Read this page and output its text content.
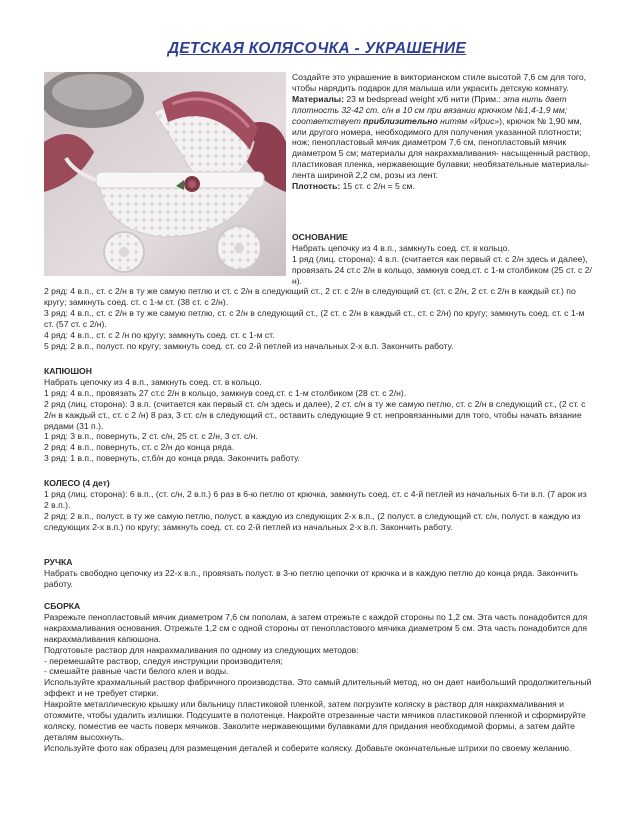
ДЕТСКАЯ КОЛЯСОЧКА - УКРАШЕНИЕ

Создайте это украшение в викторианском стиле высотой 7,6 см для того, чтобы нарядить подарок для малыша или украсить детскую комнату.

Материалы: 23 м bedspread weight х/б нити (Прим.: эта нить дает плотность 32-42 ст. с/н в 10 см при вязании крючком №1,4-1,9 мм; соответствует приблизительно нитям «Ирис»), крючок № 1,90 мм, или другого номера, необходимого для получения указанной плотности; нож; пенопластовый мячик диаметром 7,6 см, пенопластовый мячик диаметром 5 см; материалы для накрахмаливания- насыщенный раствор, пластиковая пленка, нержавеющие булавки; необязательные материалы- лента шириной 2,2 см, розы из лент.

Плотность: 15 ст. с 2/н = 5 см.

ОСНОВАНИЕ

Набрать цепочку из 4 в.п., замкнуть соед. ст. в кольцо.

1 ряд (лиц. сторона): 4 в.п. (считается как первый ст. с 2/н здесь и далее), провязать 24 ст.с 2/н в кольцо, замкнув соед.ст. с 1-м столбиком (25 ст. с 2/н).

2 ряд: 4 в.п., ст. с 2/н в ту же самую петлю и ст. с 2/н в следующий ст., 2 ст. с 2/н в следующий ст. (ст. с 2/н, 2 ст. с 2/н в каждый ст.) по кругу; замкнуть соед. ст. с 1-м ст. (38 ст. с 2/н).

3 ряд: 4 в.п., ст. с 2/н в ту же самую петлю, ст. с 2/н в следующий ст., (2 ст. с 2/н в каждый ст., ст. с 2/н) по кругу; замкнуть соед. ст. с 1-м ст. (57 ст. с 2/н).

4 ряд: 4 в.п., ст. с 2 /н по кругу; замкнуть соед. ст. с 1-м ст.

5 ряд: 2 в.п., полуст. по кругу; замкнуть соед. ст. со 2-й петлей из начальных 2-х в.п. Закончить работу.

КАПЮШОН

Набрать цепочку из 4 в.п., замкнуть соед. ст. в кольцо.

1 ряд: 4 в.п., провязать 27 ст.с 2/н в кольцо, замкнув соед.ст. с 1-м столбиком (28 ст. с 2/н).

2 ряд (лиц. сторона): 3 в.п. (считается как первый ст. с/н здесь и далее), 2 ст. с/н в ту же самую петлю, ст. с 2/н в следующий ст., (2 ст. с 2/н в каждый ст., ст. с 2 /н) 8 раз, 3 ст. с/н в следующий ст., оставить следующие 9 ст. непровязанными для того, чтобы начать вязание рядами (31 п.).

1 ряд: 3 в.п., повернуть, 2 ст. с/н, 25 ст. с 2/н, 3 ст. с/н.

2 ряд: 4 в.п., повернуть, ст. с 2/н до конца ряда.

3 ряд: 1 в.п., повернуть, ст.б/н до конца ряда. Закончить работу.

КОЛЕСО (4 дет)

1 ряд (лиц. сторона): 6 в.п., (ст. с/н, 2 в.п.) 6 раз в 6-ю петлю от крючка, замкнуть соед. ст. с 4-й петлей из начальных 6-ти в.п. (7 арок из 2 в.п.).

2 ряд: 2 в.п., полуст. в ту же самую петлю, полуст. в каждую из следующих 2-х в.п., (2 полуст. в следующий ст. с/н, полуст. в каждую из следующих 2-х в.п.) по кругу; замкнуть соед. ст. со 2-й петлей из начальных 2-х в.п. Закончить работу.

РУЧКА

Набрать свободно цепочку из 22-х в.п., провязать полуст. в 3-ю петлю цепочки от крючка и в каждую петлю до конца ряда. Закончить работу.

СБОРКА

Разрежьте пенопластовый мячик диаметром 7,6 см пополам, а затем отрежьте с каждой стороны по 1,2 см. Эта часть понадобится для накрахмаливания основания. Отрежьте 1,2 см с одной стороны от пенопластового мячика диаметром 5 см. Эта часть понадобится для накрахмаливания капюшона.

Подготовьте раствор для накрахмаливания по одному из следующих методов:

- перемешайте раствор, следуя инструкции производителя;

- смешайте равные части белого клея и воды.

Используйте крахмальный раствор фабричного производства. Это самый длительный метод, но он дает наибольший продолжительный эффект и не требует стирки.

Накройте металлическую крышку или бальницу пластиковой пленкой, затем погрузите коляску в раствор для накрахмаливания и отожмите, чтобы удалить излишки. Подсушите в полотенце. Накройте отрезанные части мячиков пластиковой пленкой и сформируйте коляску, поместив ее часть поверх мячиков. Заколите нержавеющими булавками для придания необходимой формы, а затем дайте деталям высохнуть.

Используйте фото как образец для размещения деталей и соберите коляску. Добавьте окончательные штрихи по своему желанию.
